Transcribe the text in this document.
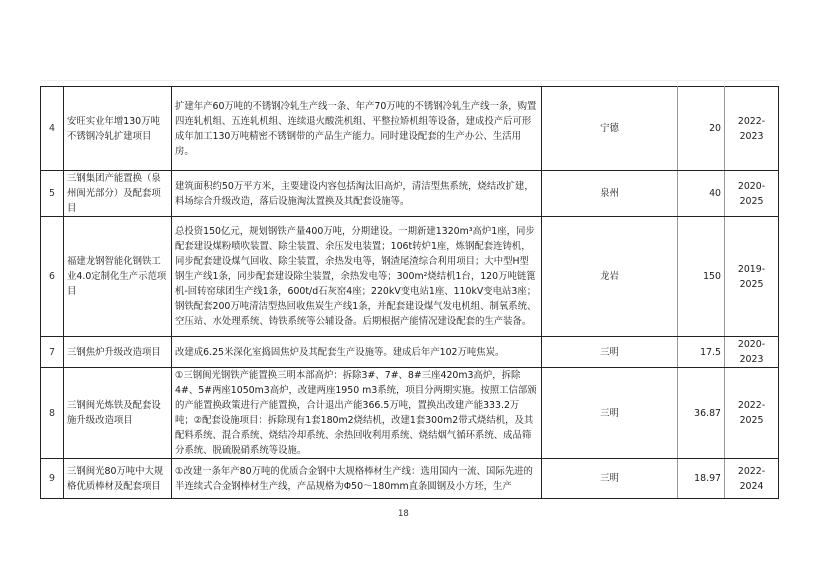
4	安旺实业年增130万吨不锈钢冷轧扩建项目	扩建年产60万吨的不锈钢冷轧生产线一条、年产70万吨的不锈钢冷轧生产线一条，购置四连轧机组、五连轧机组、连续退火酸洗机组、平整拉矫机组等设备，建成投产后可形成年加工130万吨精密不锈钢带的产品生产能力。同时建设配套的生产办公、生活用房。	宁德	20	2022-2023
5	三钢集团产能置换（泉州闽光部分）及配套项目	建筑面积约50万平方米，主要建设内容包括淘汰旧高炉，清洁型焦系统，烧结改扩建，料场综合升级改造，落后设施淘汰置换及其配套设施等。	泉州	40	2020-2025
6	福建龙钢智能化钢铁工业4.0定制化生产示范项目	总投资150亿元，规划钢铁产量400万吨，分期建设。一期新建1320m³高炉1座，同步配套建设煤粉喷吹装置、除尘装置、余压发电装置；106t转炉1座，炼钢配套连铸机，同步配套建设煤气回收、除尘装置，余热发电等，钢渣尾渣综合利用项目；大中型H型钢生产线1条，同步配套建设除尘装置，余热发电等；300m²烧结机1台，120万吨链篦机-回转窑球团生产线1条，600t/d石灰窑4座；220kV变电站1座、110kV变电站3座；钢铁配套200万吨清洁型热回收焦炭生产线1条，并配套建设煤气发电机组、制氧系统、空压站、水处理系统、铸铁系统等公辅设备。后期根据产能情况建设配套的生产装备。	龙岩	150	2019-2025
7	三钢焦炉升级改造项目	改建成6.25米深化室捣固焦炉及其配套生产设施等。建成后年产102万吨焦炭。	三明	17.5	2020-2023
8	三钢闽光炼铁及配套设施升级改造项目	①三钢闽光钢铁产能置换三明本部高炉：拆除3#、7#、8#三座420m3高炉，拆除4#、5#两座1050m3高炉，改建两座1950 m3系统，项目分两期实施。按照工信部颁的产能置换政策进行产能置换，合计退出产能366.5万吨，置换出改建产能333.2万吨；②配套设施项目：拆除现有1套180m2烧结机，改建1套300m2带式烧结机，及其配料系统、混合系统、烧结冷却系统、余热回收利用系统、烧结烟气循环系统、成品筛分系统、脱硫脱硝系统等设施。	三明	36.87	2022-2025
9	三钢闽光80万吨中大规格优质棒材及配套项目	①改建一条年产80万吨的优质合金钢中大规格棒材生产线：选用国内一流、国际先进的半连续式合金钢棒材生产线，产品规格为Φ50～180mm直条圆钢及小方坯，生产	三明	18.97	2022-2024
18
